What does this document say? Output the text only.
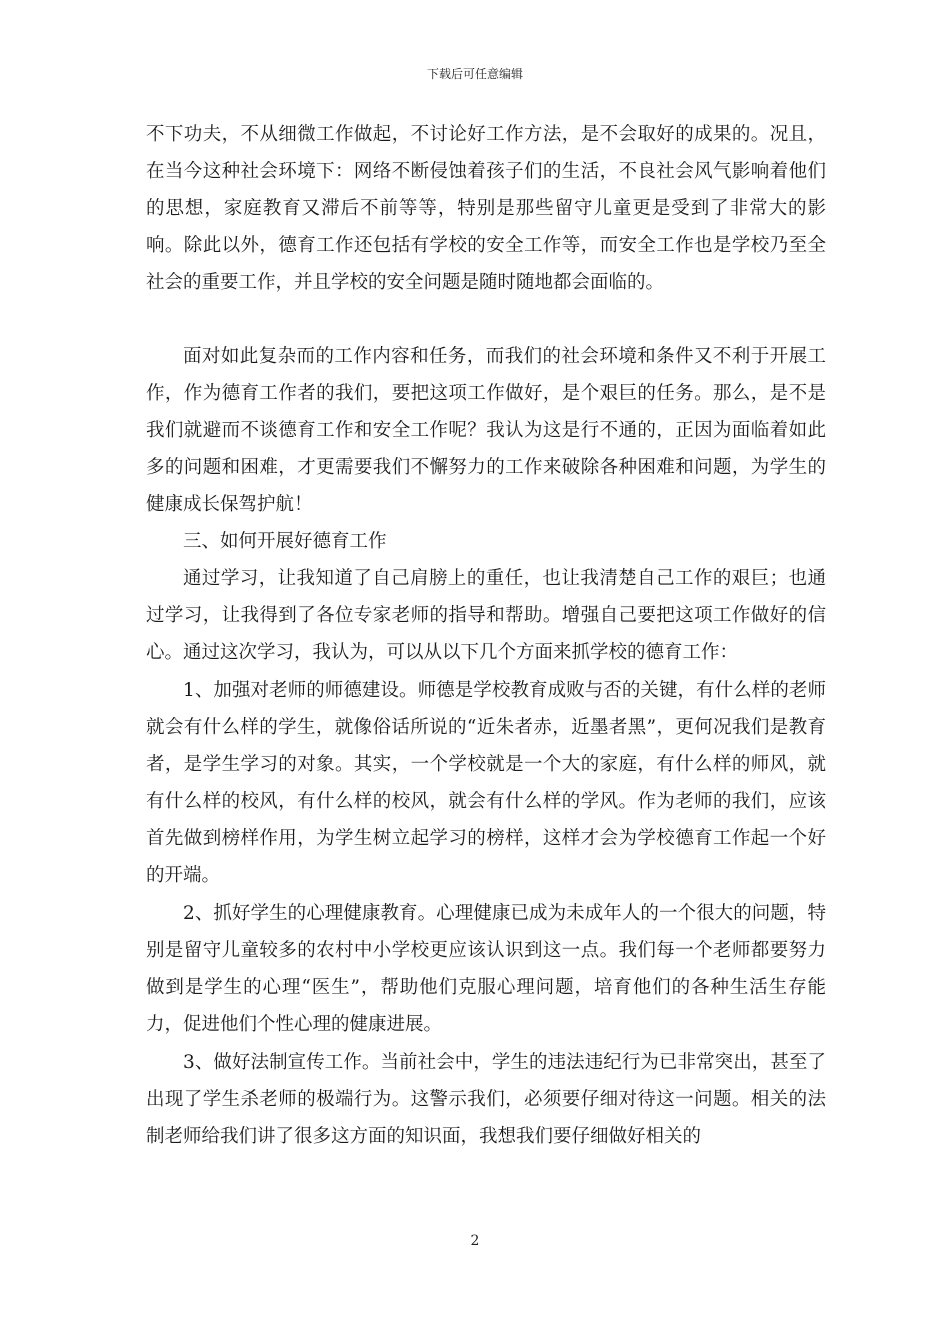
下载后可任意编辑

不下功夫，不从细微工作做起，不讨论好工作方法，是不会取好的成果的。况且，在当今这种社会环境下：网络不断侵蚀着孩子们的生活，不良社会风气影响着他们的思想，家庭教育又滞后不前等等，特别是那些留守儿童更是受到了非常大的影响。除此以外，德育工作还包括有学校的安全工作等，而安全工作也是学校乃至全社会的重要工作，并且学校的安全问题是随时随地都会面临的。

面对如此复杂而的工作内容和任务，而我们的社会环境和条件又不利于开展工作，作为德育工作者的我们，要把这项工作做好，是个艰巨的任务。那么，是不是我们就避而不谈德育工作和安全工作呢？我认为这是行不通的，正因为面临着如此多的问题和困难，才更需要我们不懈努力的工作来破除各种困难和问题，为学生的健康成长保驾护航！

三、如何开展好德育工作

通过学习，让我知道了自己肩膀上的重任，也让我清楚自己工作的艰巨；也通过学习，让我得到了各位专家老师的指导和帮助。增强自己要把这项工作做好的信心。通过这次学习，我认为，可以从以下几个方面来抓学校的德育工作：

1、加强对老师的师德建设。师德是学校教育成败与否的关键，有什么样的老师就会有什么样的学生，就像俗话所说的“近朱者赤，近墨者黑”，更何况我们是教育者，是学生学习的对象。其实，一个学校就是一个大的家庭，有什么样的师风，就有什么样的校风，有什么样的校风，就会有什么样的学风。作为老师的我们，应该首先做到榜样作用，为学生树立起学习的榜样，这样才会为学校德育工作起一个好的开端。

2、抓好学生的心理健康教育。心理健康已成为未成年人的一个很大的问题，特别是留守儿童较多的农村中小学校更应该认识到这一点。我们每一个老师都要努力做到是学生的心理“医生”，帮助他们克服心理问题，培育他们的各种生活生存能力，促进他们个性心理的健康进展。

3、做好法制宣传工作。当前社会中，学生的违法违纪行为已非常突出，甚至了出现了学生杀老师的极端行为。这警示我们，必须要仔细对待这一问题。相关的法制老师给我们讲了很多这方面的知识面，我想我们要仔细做好相关的

2
